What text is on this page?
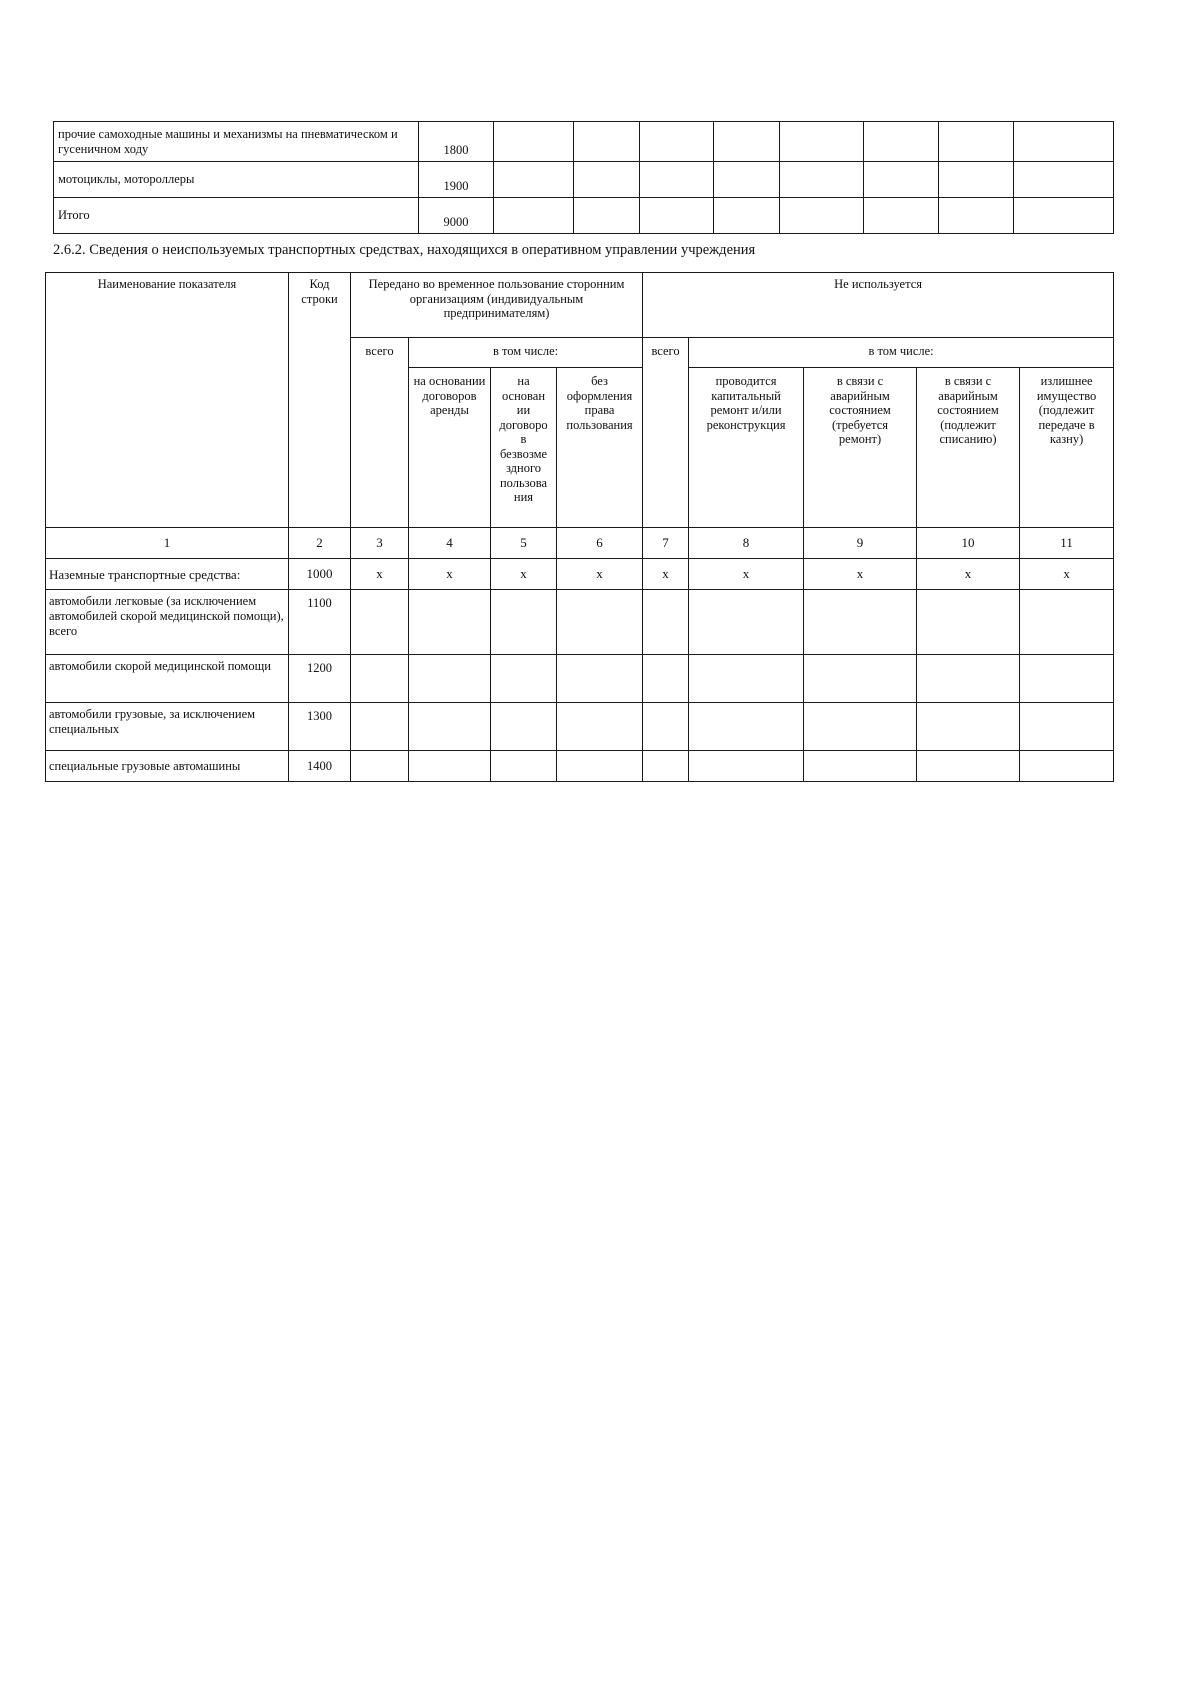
прочие самоходные машины и механизмы на пневматическом и гусеничном ходу	1800								
мотоциклы, мотороллеры	1900								
Итого	9000								
2.6.2. Сведения о неиспользуемых транспортных средствах, находящихся в оперативном управлении учреждения
Наименование показателя	Код строки	Передано во временное пользование сторонним организациям (индивидуальным предпринимателям)				Не используется				
		всего	в том числе:			всего	в том числе:			
			на основании договоров аренды	на основан ии договоро в безвозме здного пользова ния	без оформления права пользования		проводится капитальный ремонт и/или реконструкция	в связи с аварийным состоянием (требуется ремонт)	в связи с аварийным состоянием (подлежит списанию)	излишнее имущество (подлежит передаче в казну)
1	2	3	4	5	6	7	8	9	10	11
Наземные транспортные средства:	1000	x	x	x	x	x	x	x	x	x
автомобили легковые (за исключением автомобилей скорой медицинской помощи), всего	1100									
автомобили скорой медицинской помощи	1200									
автомобили грузовые, за исключением специальных	1300									
специальные грузовые автомашины	1400									
